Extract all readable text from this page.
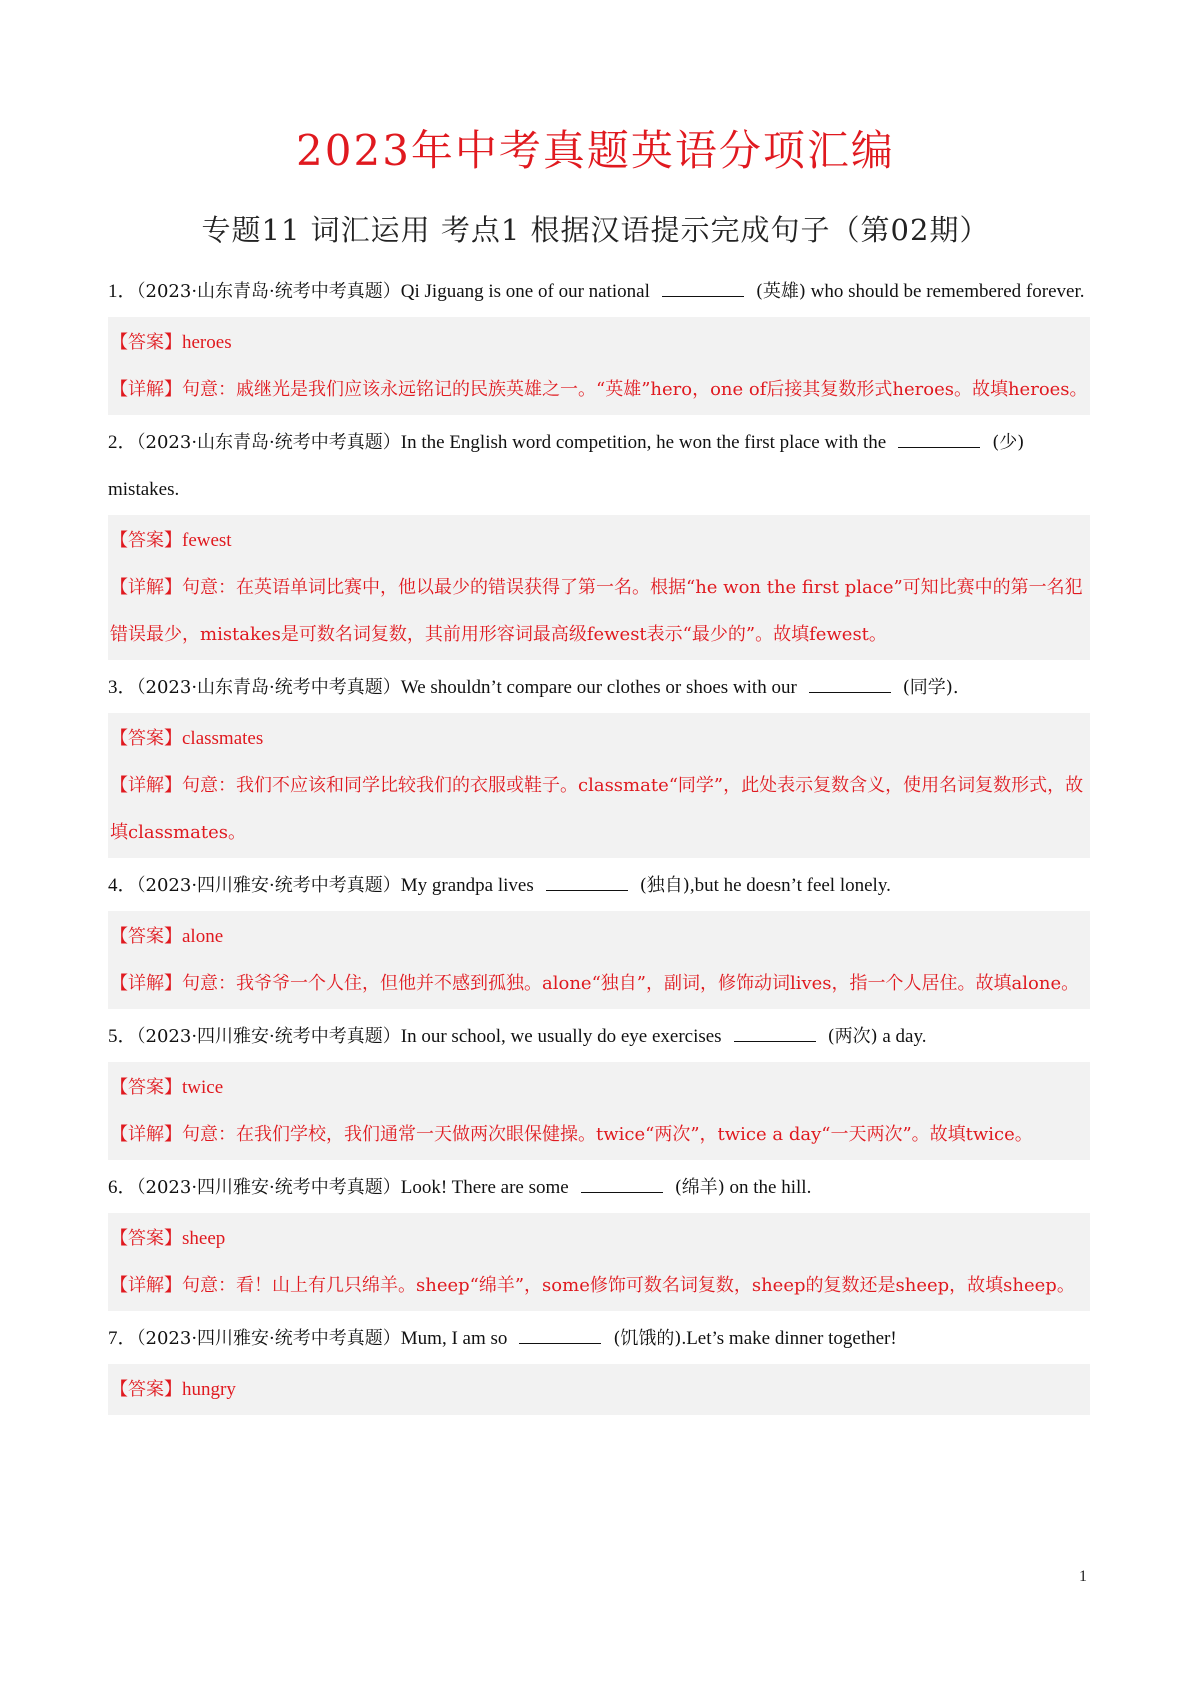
2023年中考真题英语分项汇编
专题11 词汇运用 考点1 根据汉语提示完成句子（第02期）

1．（2023·山东青岛·统考中考真题）Qi Jiguang is one of our national	(英雄) who should be remembered forever.

【答案】heroes

【详解】句意：戚继光是我们应该永远铭记的民族英雄之一。“英雄”hero，one of后接其复数形式heroes。故填heroes。

2．（2023·山东青岛·统考中考真题）In the English word competition, he won the first place with the	(少) mistakes.

【答案】fewest

【详解】句意：在英语单词比赛中，他以最少的错误获得了第一名。根据“he won the first place”可知比赛中的第一名犯错误最少，mistakes是可数名词复数，其前用形容词最高级fewest表示“最少的”。故填fewest。

3．（2023·山东青岛·统考中考真题）We shouldn’t compare our clothes or shoes with our	(同学).

【答案】classmates

【详解】句意：我们不应该和同学比较我们的衣服或鞋子。classmate“同学”，此处表示复数含义，使用名词复数形式，故填classmates。

4．（2023·四川雅安·统考中考真题）My grandpa lives	(独自),but he doesn’t feel lonely.

【答案】alone

【详解】句意：我爷爷一个人住，但他并不感到孤独。alone“独自”，副词，修饰动词lives，指一个人居住。故填alone。

5．（2023·四川雅安·统考中考真题）In our school, we usually do eye exercises	(两次) a day.

【答案】twice

【详解】句意：在我们学校，我们通常一天做两次眼保健操。twice“两次”，twice a day“一天两次”。故填twice。

6．（2023·四川雅安·统考中考真题）Look! There are some	(绵羊) on the hill.

【答案】sheep

【详解】句意：看！山上有几只绵羊。sheep“绵羊”，some修饰可数名词复数，sheep的复数还是sheep，故填sheep。

7．（2023·四川雅安·统考中考真题）Mum, I am so	(饥饿的).Let’s make dinner together!

【答案】hungry

1
